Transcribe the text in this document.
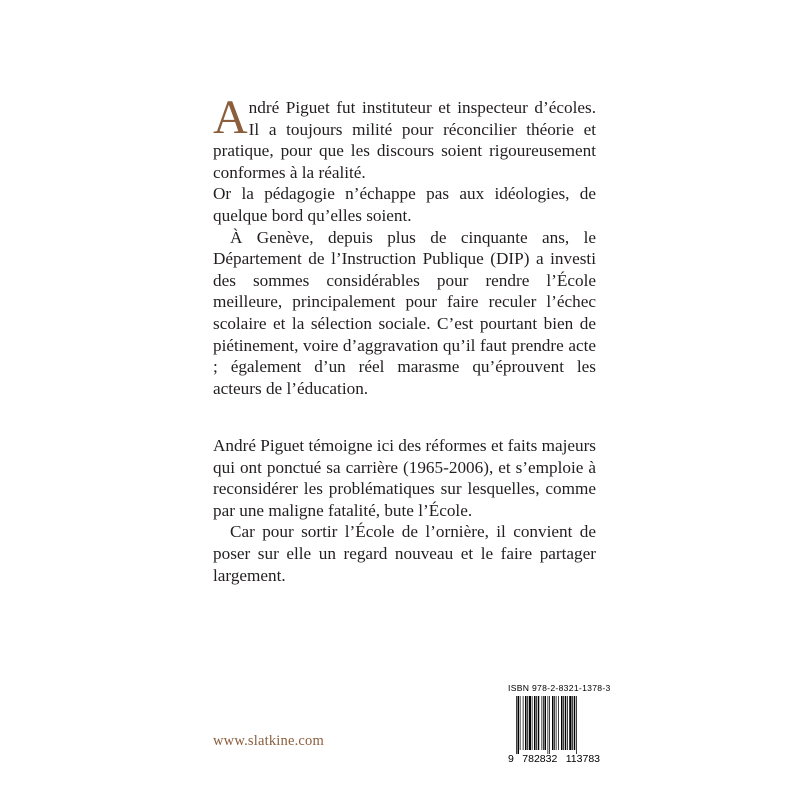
André Piguet fut instituteur et inspecteur d’écoles. Il a toujours milité pour réconcilier théorie et pratique, pour que les discours soient rigoureusement conformes à la réalité.

Or la pédagogie n’échappe pas aux idéologies, de quelque bord qu’elles soient.

À Genève, depuis plus de cinquante ans, le Département de l’Instruction Publique (DIP) a investi des sommes considérables pour rendre l’École meilleure, principalement pour faire reculer l’échec scolaire et la sélection sociale. C’est pourtant bien de piétinement, voire d’aggravation qu’il faut prendre acte ; également d’un réel marasme qu’éprouvent les acteurs de l’éducation.

André Piguet témoigne ici des réformes et faits majeurs qui ont ponctué sa carrière (1965-2006), et s’emploie à reconsidérer les problématiques sur lesquelles, comme par une maligne fatalité, bute l’École.

Car pour sortir l’École de l’ornière, il convient de poser sur elle un regard nouveau et le faire partager largement.

www.slatkine.com
ISBN 978-2-8321-1378-3
9 782832 113783
